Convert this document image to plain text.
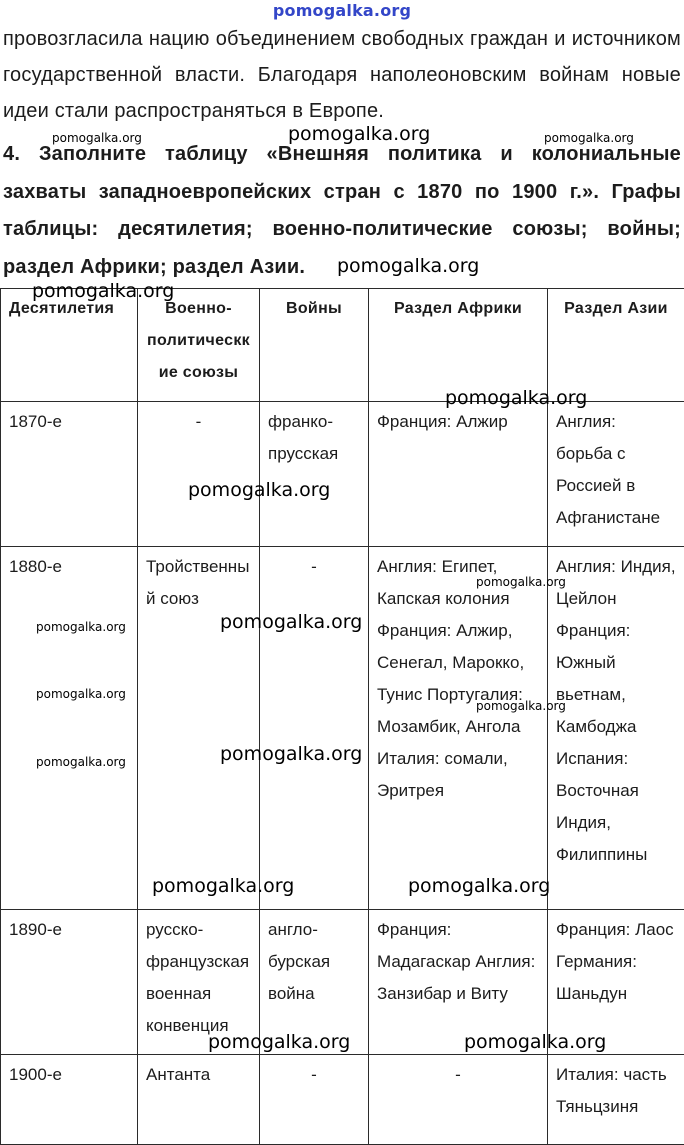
pomogalka.org
провозгласила нацию объединением свободных граждан и источником государственной власти. Благодаря наполеоновским войнам новые идеи стали распространяться в Европе.
4. Заполните таблицу «Внешняя политика и колониальные захваты западноевропейских стран с 1870 по 1900 г.». Графы таблицы: десятилетия; военно-политические союзы; войны; раздел Африки; раздел Азии.
Десятилетия	Военно-политическкие союзы	Войны	Раздел Африки	Раздел Азии
1870-е	-	франко-прусская	Франция: Алжир	Англия: борьба с Россией в Афганистане
1880-е	Тройственный союз	-	Англия: Египет, Капская колония Франция: Алжир, Сенегал, Марокко, Тунис Португалия: Мозамбик, Ангола Италия: сомали, Эритрея	Англия: Индия, Цейлон Франция: Южный вьетнам, Камбоджа Испания: Восточная Индия, Филиппины
1890-е	русско-французская военная конвенция	англо-бурская война	Франция: Мадагаскар Англия: Занзибар и Виту	Франция: Лаос Германия: Шаньдун
1900-е	Антанта	-	-	Италия: часть Тяньцзиня
pomogalka.org	pomogalka.org	pomogalka.org
pomogalka.org
pomogalka.org
pomogalka.org
pomogalka.org
pomogalka.org
pomogalka.org	pomogalka.org
pomogalka.org
pomogalka.org
pomogalka.org
pomogalka.org
pomogalka.org	pomogalka.org
pomogalka.org	pomogalka.org
